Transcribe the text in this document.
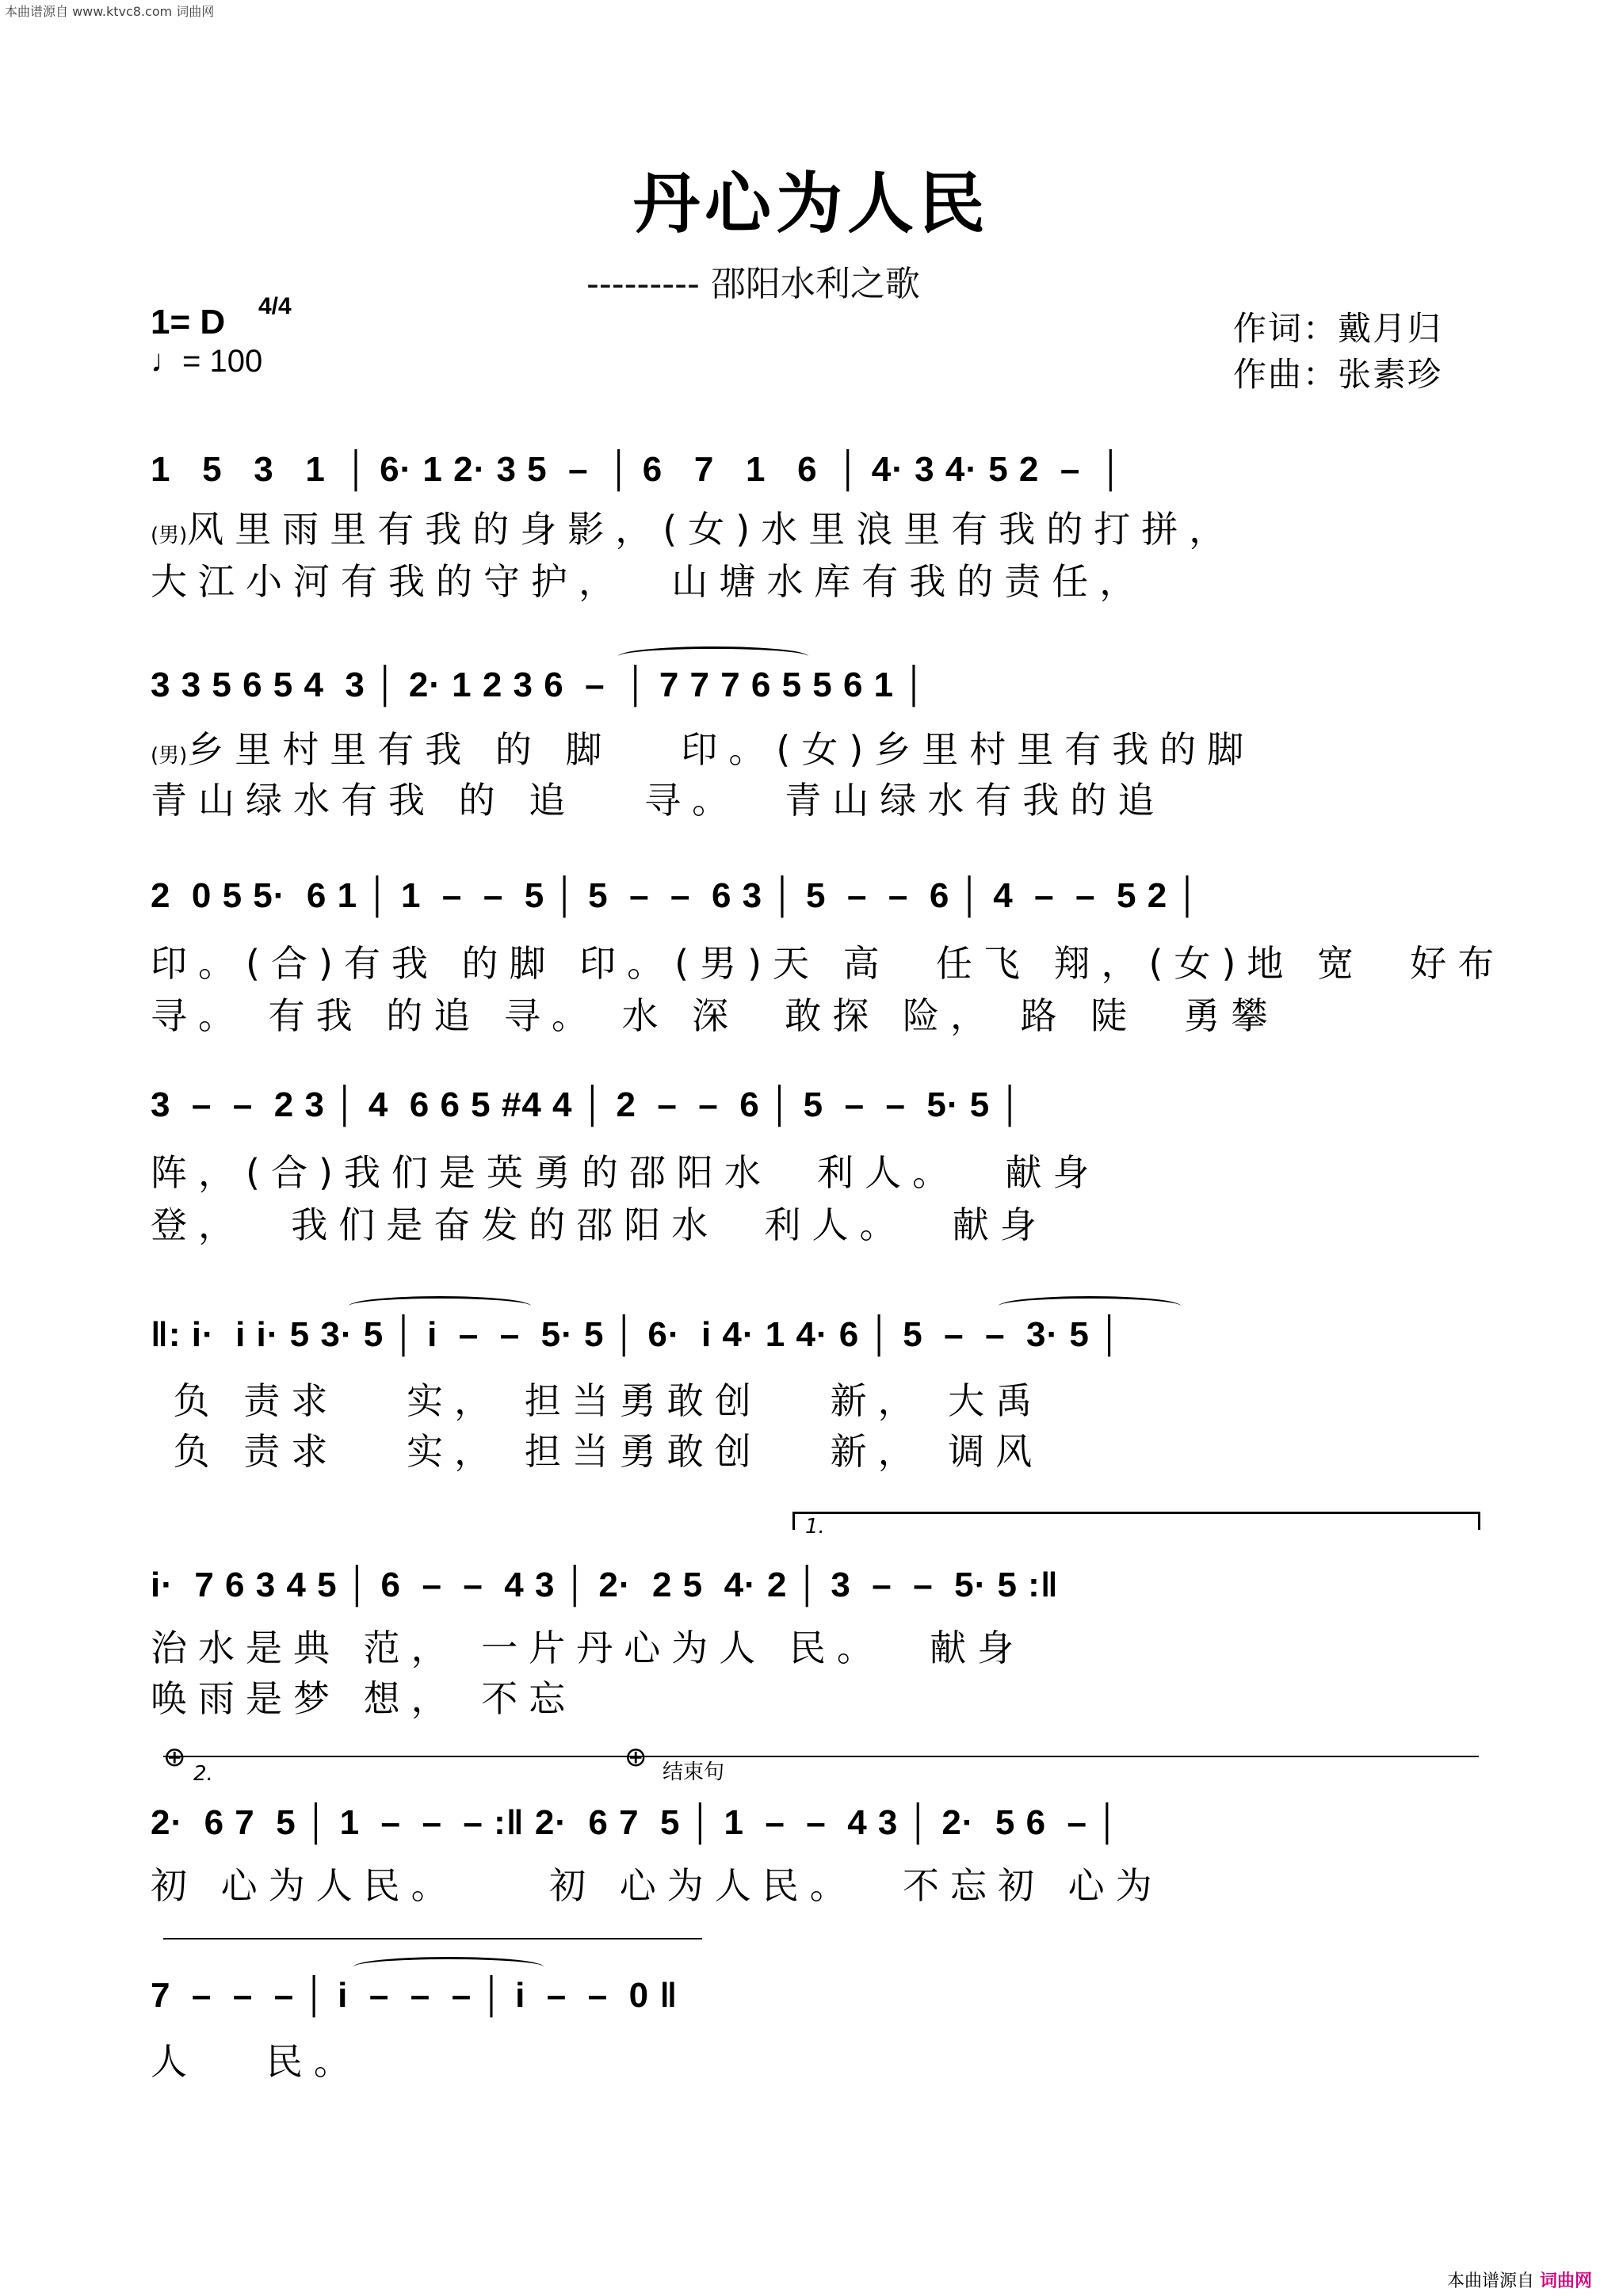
本曲谱源自 www.ktvc8.com 词曲网
丹心为人民
--------- 邵阳水利之歌
1= D 4/4
♩= 100
作词：戴月归
作曲：张素珍
1   5   3   1  │ 6· 1 2· 3 5  –  │ 6   7   1   6  │ 4· 3 4· 5 2  –  │
(男)风里雨里有我的身影，(女)水里浪里有我的打拼，
大江小河有我的守护，  山塘水库有我的责任，
3 3 5 6 5 4  3 │ 2· 1 2 3 6  –  │ 7 7 7 6 5 5 6 1 │
(男)乡里村里有我 的 脚   印。(女)乡里村里有我的脚
青山绿水有我 的 追   寻。  青山绿水有我的追
2  0 5 5·  6 1 │ 1  –  –  5 │ 5  –  –  6 3 │ 5  –  –  6 │ 4  –  –  5 2 │
印。(合)有我 的脚 印。(男)天 高  任飞 翔，(女)地 宽  好布
寻。 有我 的追 寻。 水 深  敢探 险， 路 陡  勇攀
3  –  –  2 3 │ 4  6 6 5 #4 4 │ 2  –  –  6 │ 5  –  –  5· 5 │
阵，(合)我们是英勇的邵阳水  利人。  献身
登，  我们是奋发的邵阳水  利人。  献身
‖: i·  i i· 5 3· 5 │ i  –  –  5· 5 │ 6·  i 4· 1 4· 6 │ 5  –  –  3· 5 │
负 责求   实， 担当勇敢创   新， 大禹
负 责求   实， 担当勇敢创   新， 调风
1.
i·  7 6 3 4 5 │ 6  –  –  4 3 │ 2·  2 5  4· 2 │ 3  –  –  5· 5 :‖
治水是典 范， 一片丹心为人 民。  献身
唤雨是梦 想， 不忘
⊕
2.
⊕ 结束句
2·  6 7  5 │ 1  –  –  – :‖ 2·  6 7  5 │ 1  –  –  4 3 │ 2·  5 6  – │
初 心为人民。    初 心为人民。  不忘初 心为
7  –  –  – │ i  –  –  – │ i  –  –  0 ‖
人   民。
本曲谱源自 词曲网
